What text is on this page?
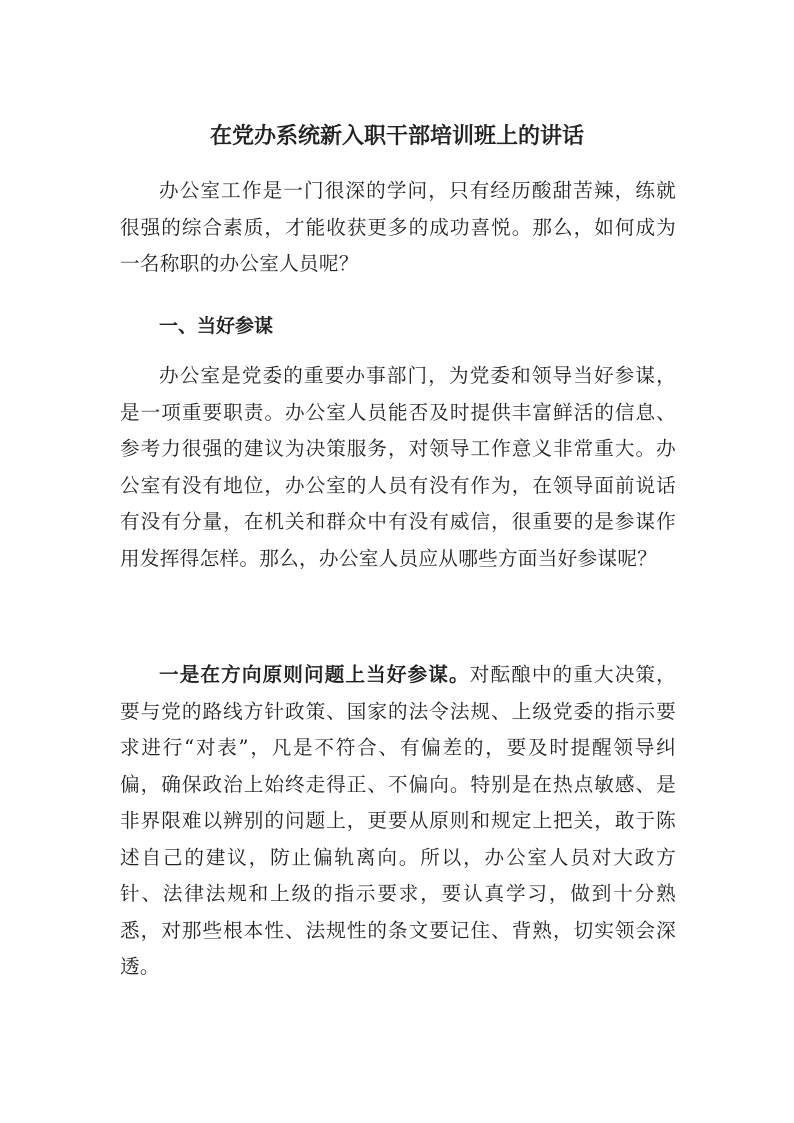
在党办系统新入职干部培训班上的讲话

办公室工作是一门很深的学问，只有经历酸甜苦辣，练就很强的综合素质，才能收获更多的成功喜悦。那么，如何成为一名称职的办公室人员呢？

一、当好参谋

办公室是党委的重要办事部门，为党委和领导当好参谋，是一项重要职责。办公室人员能否及时提供丰富鲜活的信息、参考力很强的建议为决策服务，对领导工作意义非常重大。办公室有没有地位，办公室的人员有没有作为，在领导面前说话有没有分量，在机关和群众中有没有威信，很重要的是参谋作用发挥得怎样。那么，办公室人员应从哪些方面当好参谋呢？

一是在方向原则问题上当好参谋。对酝酿中的重大决策，要与党的路线方针政策、国家的法令法规、上级党委的指示要求进行“对表”，凡是不符合、有偏差的，要及时提醒领导纠偏，确保政治上始终走得正、不偏向。特别是在热点敏感、是非界限难以辨别的问题上，更要从原则和规定上把关，敢于陈述自己的建议，防止偏轨离向。所以，办公室人员对大政方针、法律法规和上级的指示要求，要认真学习，做到十分熟悉，对那些根本性、法规性的条文要记住、背熟，切实领会深透。
